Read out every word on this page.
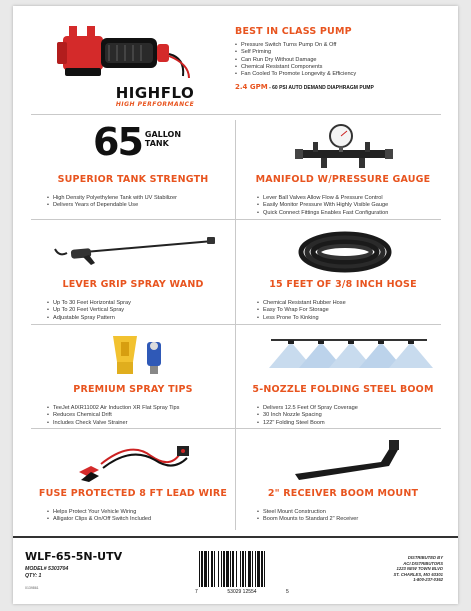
HIGHFLO
HIGH PERFORMANCE
BEST IN CLASS PUMP
• Pressure Switch Turns Pump On & Off
• Self Priming
• Can Run Dry Without Damage
• Chemical Resistant Components
• Fan Cooled To Promote Longevity & Efficiency
2.4 GPM - 60 PSI AUTO DEMAND DIAPHRAGM PUMP
65 GALLON
TANK
SUPERIOR TANK STRENGTH
• High Density Polyethylene Tank with UV Stabilizer
• Delivers Years of Dependable Use
MANIFOLD W/PRESSURE GAUGE
• Lever Ball Valves Allow Flow & Pressure Control
• Easily Monitor Pressure With Highly Visible Gauge
• Quick Connect Fittings Enables Fast Configuration
LEVER GRIP SPRAY WAND
• Up To 30 Feet Horizontal Spray
• Up To 20 Feet Vertical Spray
• Adjustable Spray Pattern
15 FEET OF 3/8 INCH HOSE
• Chemical Resistant Rubber Hose
• Easy To Wrap For Storage
• Less Prone To Kinking
PREMIUM SPRAY TIPS
• TeeJet AIXR11002 Air Induction XR Flat Spray Tips
• Reduces Chemical Drift
• Includes Check Valve Strainer
5-NOZZLE FOLDING STEEL BOOM
• Delivers 12.5 Feet Of Spray Coverage
• 30 Inch Nozzle Spacing
• 122" Folding Steel Boom
FUSE PROTECTED 8 FT LEAD WIRE
• Helps Protect Your Vehicle Wiring
• Alligator Clips & On/Off Switch Included
2" RECEIVER BOOM MOUNT
• Steel Mount Construction
• Boom Mounts to Standard 2" Receiver
WLF-65-5N-UTV
MODEL# 5303704
QTY: 1
0139861
7	53029 12554	5
DISTRIBUTED BY
ACI DISTRIBUTORS
1223 NEW TOWN BLVD
ST. CHARLES, MO 63301
1-800-237-0362
